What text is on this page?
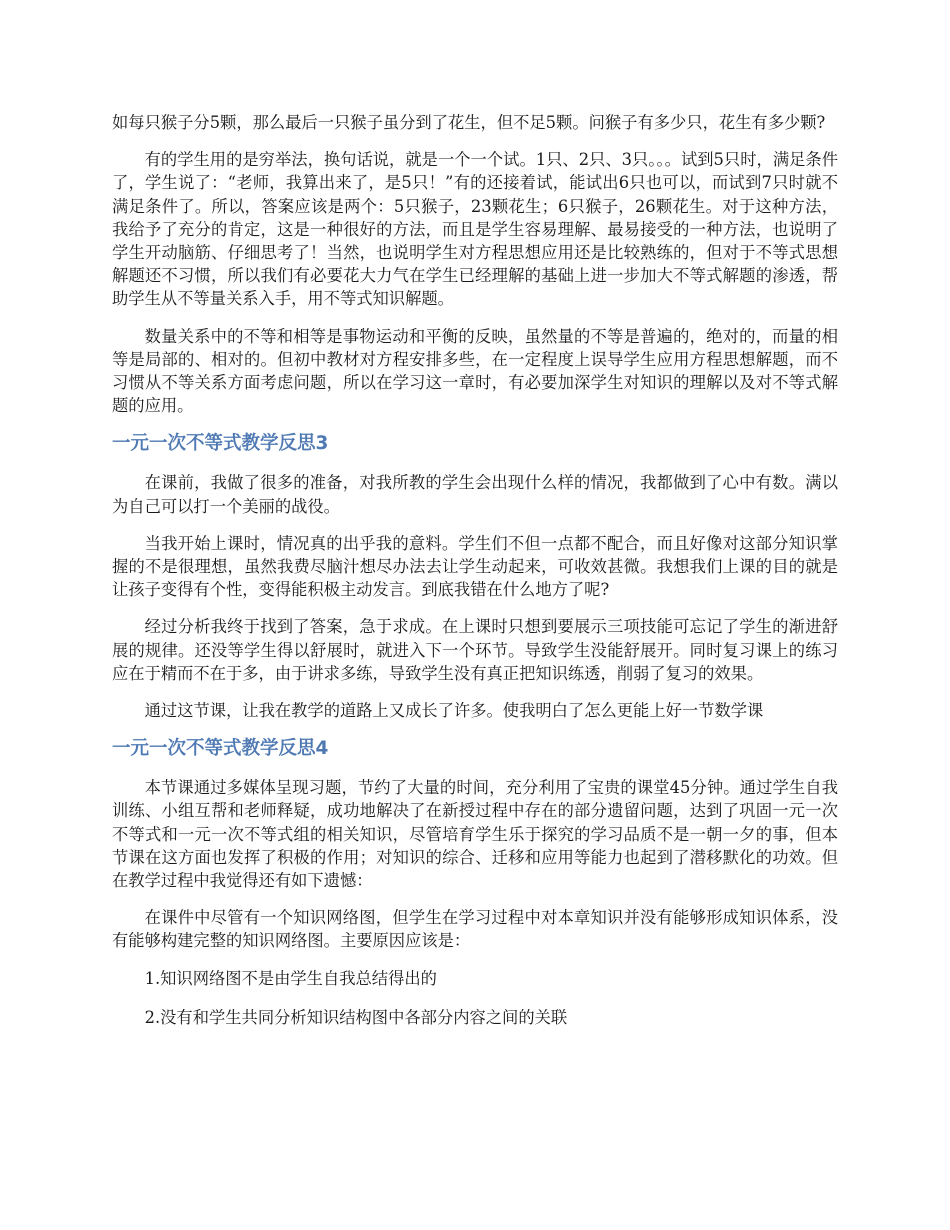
如每只猴子分5颗，那么最后一只猴子虽分到了花生，但不足5颗。问猴子有多少只，花生有多少颗?

有的学生用的是穷举法，换句话说，就是一个一个试。1只、2只、3只。。。试到5只时，满足条件了，学生说了：“老师，我算出来了，是5只！”有的还接着试，能试出6只也可以，而试到7只时就不满足条件了。所以，答案应该是两个：5只猴子，23颗花生；6只猴子，26颗花生。对于这种方法，我给予了充分的肯定，这是一种很好的方法，而且是学生容易理解、最易接受的一种方法，也说明了学生开动脑筋、仔细思考了！当然，也说明学生对方程思想应用还是比较熟练的，但对于不等式思想解题还不习惯，所以我们有必要花大力气在学生已经理解的基础上进一步加大不等式解题的渗透，帮助学生从不等量关系入手，用不等式知识解题。

数量关系中的不等和相等是事物运动和平衡的反映，虽然量的不等是普遍的，绝对的，而量的相等是局部的、相对的。但初中教材对方程安排多些，在一定程度上误导学生应用方程思想解题，而不习惯从不等关系方面考虑问题，所以在学习这一章时，有必要加深学生对知识的理解以及对不等式解题的应用。

一元一次不等式教学反思3

在课前，我做了很多的准备，对我所教的学生会出现什么样的情况，我都做到了心中有数。满以为自己可以打一个美丽的战役。

当我开始上课时，情况真的出乎我的意料。学生们不但一点都不配合，而且好像对这部分知识掌握的不是很理想，虽然我费尽脑汁想尽办法去让学生动起来，可收效甚微。我想我们上课的目的就是让孩子变得有个性，变得能积极主动发言。到底我错在什么地方了呢?

经过分析我终于找到了答案，急于求成。在上课时只想到要展示三项技能可忘记了学生的渐进舒展的规律。还没等学生得以舒展时，就进入下一个环节。导致学生没能舒展开。同时复习课上的练习应在于精而不在于多，由于讲求多练，导致学生没有真正把知识练透，削弱了复习的效果。

通过这节课，让我在教学的道路上又成长了许多。使我明白了怎么更能上好一节数学课

一元一次不等式教学反思4

本节课通过多媒体呈现习题，节约了大量的时间，充分利用了宝贵的课堂45分钟。通过学生自我训练、小组互帮和老师释疑，成功地解决了在新授过程中存在的部分遗留问题，达到了巩固一元一次不等式和一元一次不等式组的相关知识，尽管培育学生乐于探究的学习品质不是一朝一夕的事，但本节课在这方面也发挥了积极的作用；对知识的综合、迁移和应用等能力也起到了潜移默化的功效。但在教学过程中我觉得还有如下遗憾：

在课件中尽管有一个知识网络图，但学生在学习过程中对本章知识并没有能够形成知识体系，没有能够构建完整的知识网络图。主要原因应该是：

1.知识网络图不是由学生自我总结得出的

2.没有和学生共同分析知识结构图中各部分内容之间的关联
